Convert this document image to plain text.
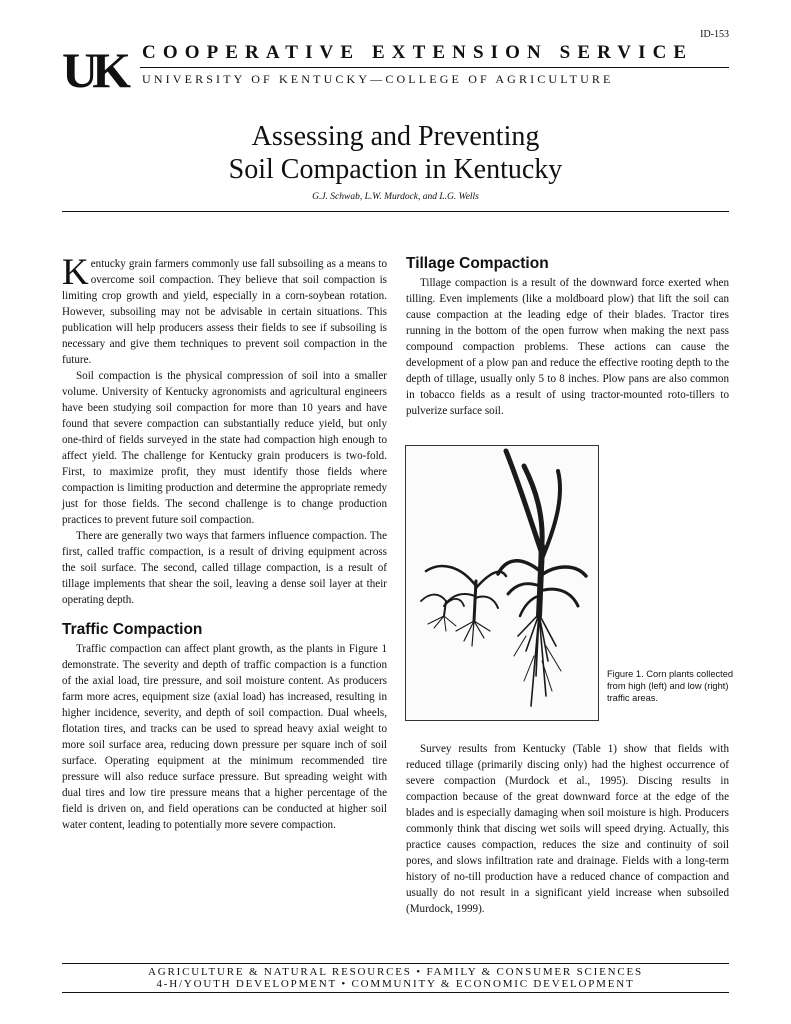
ID-153
UK COOPERATIVE EXTENSION SERVICE
UNIVERSITY OF KENTUCKY—COLLEGE OF AGRICULTURE
Assessing and Preventing
Soil Compaction in Kentucky
G.J. Schwab, L.W. Murdock, and L.G. Wells

Kentucky grain farmers commonly use fall subsoiling as a means to overcome soil compaction. They believe that soil compaction is limiting crop growth and yield, especially in a corn-soybean rotation. However, subsoiling may not be advisable in certain situations. This publication will help producers assess their fields to see if subsoiling is necessary and give them techniques to prevent soil compaction in the future.

Soil compaction is the physical compression of soil into a smaller volume. University of Kentucky agronomists and agricultural engineers have been studying soil compaction for more than 10 years and have found that severe compaction can substantially reduce yield, but only one-third of fields surveyed in the state had compaction high enough to affect yield. The challenge for Kentucky grain producers is two-fold. First, to maximize profit, they must identify those fields where compaction is limiting production and determine the appropriate remedy just for those fields. The second challenge is to change production practices to prevent future soil compaction.

There are generally two ways that farmers influence compaction. The first, called traffic compaction, is a result of driving equipment across the soil surface. The second, called tillage compaction, is a result of tillage implements that shear the soil, leaving a dense soil layer at their operating depth.

Traffic Compaction

Traffic compaction can affect plant growth, as the plants in Figure 1 demonstrate. The severity and depth of traffic compaction is a function of the axial load, tire pressure, and soil moisture content. As producers farm more acres, equipment size (axial load) has increased, resulting in higher incidence, severity, and depth of soil compaction. Dual wheels, flotation tires, and tracks can be used to spread heavy axial weight to more soil surface area, reducing down pressure per square inch of soil surface. Operating equipment at the minimum recommended tire pressure will also reduce surface pressure. But spreading weight with dual tires and low tire pressure means that a higher percentage of the field is driven on, and field operations can be conducted at higher soil water content, leading to potentially more severe compaction.

Tillage Compaction

Tillage compaction is a result of the downward force exerted when tilling. Even implements (like a moldboard plow) that lift the soil can cause compaction at the leading edge of their blades. Tractor tires running in the bottom of the open furrow when making the next pass compound compaction problems. These actions can cause the development of a plow pan and reduce the effective rooting depth to the depth of tillage, usually only 5 to 8 inches. Plow pans are also common in tobacco fields as a result of using tractor-mounted roto-tillers to pulverize surface soil.

Figure 1. Corn plants collected from high (left) and low (right) traffic areas.

Survey results from Kentucky (Table 1) show that fields with reduced tillage (primarily discing only) had the highest occurrence of severe compaction (Murdock et al., 1995). Discing results in compaction because of the great downward force at the edge of the blades and is especially damaging when soil moisture is high. Producers commonly think that discing wet soils will speed drying. Actually, this practice causes compaction, reduces the size and continuity of soil pores, and slows infiltration rate and drainage. Fields with a long-term history of no-till production have a reduced chance of compaction and usually do not result in a significant yield increase when subsoiled (Murdock, 1999).

AGRICULTURE & NATURAL RESOURCES • FAMILY & CONSUMER SCIENCES
4-H/YOUTH DEVELOPMENT • COMMUNITY & ECONOMIC DEVELOPMENT
